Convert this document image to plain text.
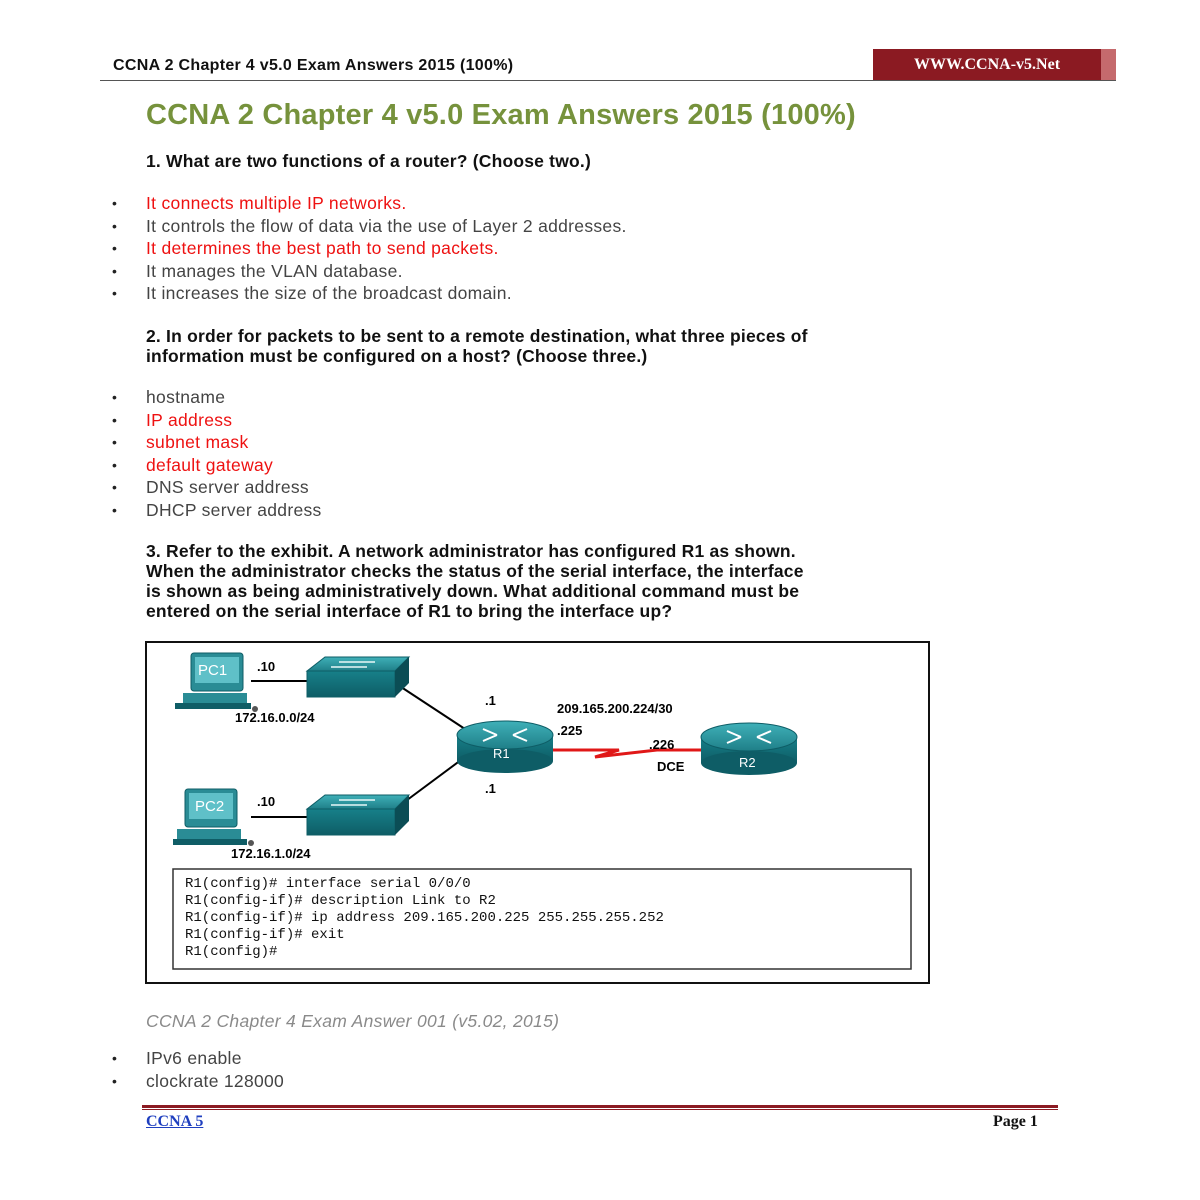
CCNA 2 Chapter 4 v5.0 Exam Answers 2015 (100%)	WWW.CCNA-v5.Net
CCNA 2 Chapter 4 v5.0 Exam Answers 2015 (100%)
1. What are two functions of a router? (Choose two.)
• It connects multiple IP networks.
• It controls the flow of data via the use of Layer 2 addresses.
• It determines the best path to send packets.
• It manages the VLAN database.
• It increases the size of the broadcast domain.
2. In order for packets to be sent to a remote destination, what three pieces of
information must be configured on a host? (Choose three.)
• hostname
• IP address
• subnet mask
• default gateway
• DNS server address
• DHCP server address
3. Refer to the exhibit. A network administrator has configured R1 as shown.
When the administrator checks the status of the serial interface, the interface
is shown as being administratively down. What additional command must be
entered on the serial interface of R1 to bring the interface up?
PC1 .10
PC2	.10
172.16.0.0/24
172.16.1.0/24
R1
.1
.1
.225
209.165.200.224/30
R2
.226
DCE
R1(config)# interface serial 0/0/0
R1(config-if)# description Link to R2
R1(config-if)# ip address 209.165.200.225 255.255.255.252
R1(config-if)# exit
R1(config)#
CCNA 2 Chapter 4 Exam Answer 001 (v5.02, 2015)
• IPv6 enable
• clockrate 128000
CCNA 5	Page 1
